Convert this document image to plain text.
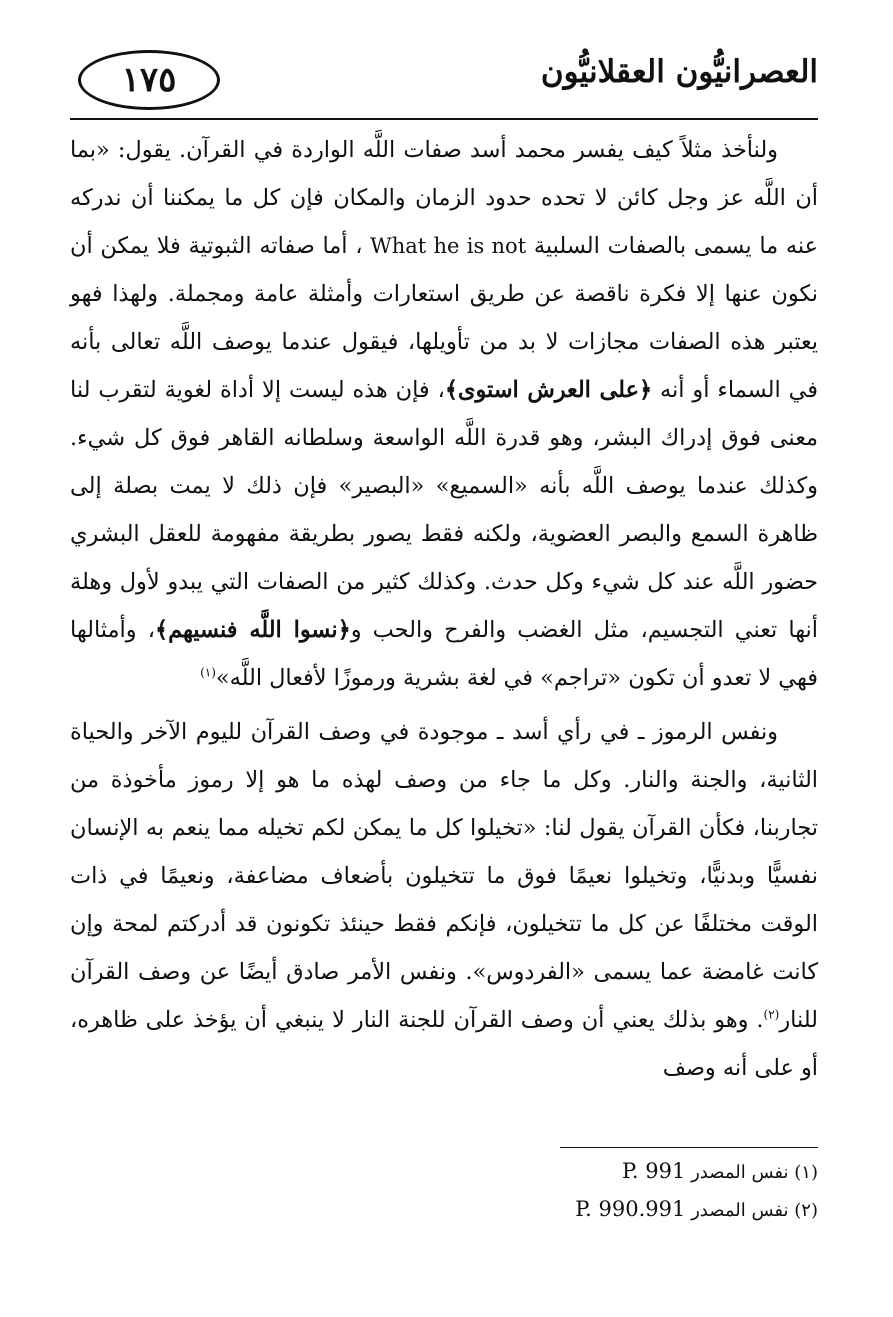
١٧٥	العصرانيُّون العقلانيُّون

ولنأخذ مثلاً كيف يفسر محمد أسد صفات اللَّه الواردة في القرآن. يقول: «بما أن اللَّه عز وجل كائن لا تحده حدود الزمان والمكان فإن كل ما يمكننا أن ندركه عنه ما يسمى بالصفات السلبية What he is not ، أما صفاته الثبوتية فلا يمكن أن نكون عنها إلا فكرة ناقصة عن طريق استعارات وأمثلة عامة ومجملة. ولهذا فهو يعتبر هذه الصفات مجازات لا بد من تأويلها، فيقول عندما يوصف اللَّه تعالى بأنه في السماء أو أنه ﴿على العرش استوى﴾، فإن هذه ليست إلا أداة لغوية لتقرب لنا معنى فوق إدراك البشر، وهو قدرة اللَّه الواسعة وسلطانه القاهر فوق كل شيء. وكذلك عندما يوصف اللَّه بأنه «السميع» «البصير» فإن ذلك لا يمت بصلة إلى ظاهرة السمع والبصر العضوية، ولكنه فقط يصور بطريقة مفهومة للعقل البشري حضور اللَّه عند كل شيء وكل حدث. وكذلك كثير من الصفات التي يبدو لأول وهلة أنها تعني التجسيم، مثل الغضب والفرح والحب و﴿نسوا اللَّه فنسيهم﴾، وأمثالها فهي لا تعدو أن تكون «تراجم» في لغة بشرية ورموزًا لأفعال اللَّه»$^{(١)}$

ونفس الرموز ـ في رأي أسد ـ موجودة في وصف القرآن لليوم الآخر والحياة الثانية، والجنة والنار. وكل ما جاء من وصف لهذه ما هو إلا رموز مأخوذة من تجاربنا، فكأن القرآن يقول لنا: «تخيلوا كل ما يمكن لكم تخيله مما ينعم به الإنسان نفسيًّا وبدنيًّا، وتخيلوا نعيمًا فوق ما تتخيلون بأضعاف مضاعفة، ونعيمًا في ذات الوقت مختلفًا عن كل ما تتخيلون، فإنكم فقط حينئذ تكونون قد أدركتم لمحة وإن كانت غامضة عما يسمى «الفردوس». ونفس الأمر صادق أيضًا عن وصف القرآن للنار$^{(٢)}$. وهو بذلك يعني أن وصف القرآن للجنة النار لا ينبغي أن يؤخذ على ظاهره، أو على أنه وصف

(١) نفس المصدر P. 991
(٢) نفس المصدر P. 990.991
